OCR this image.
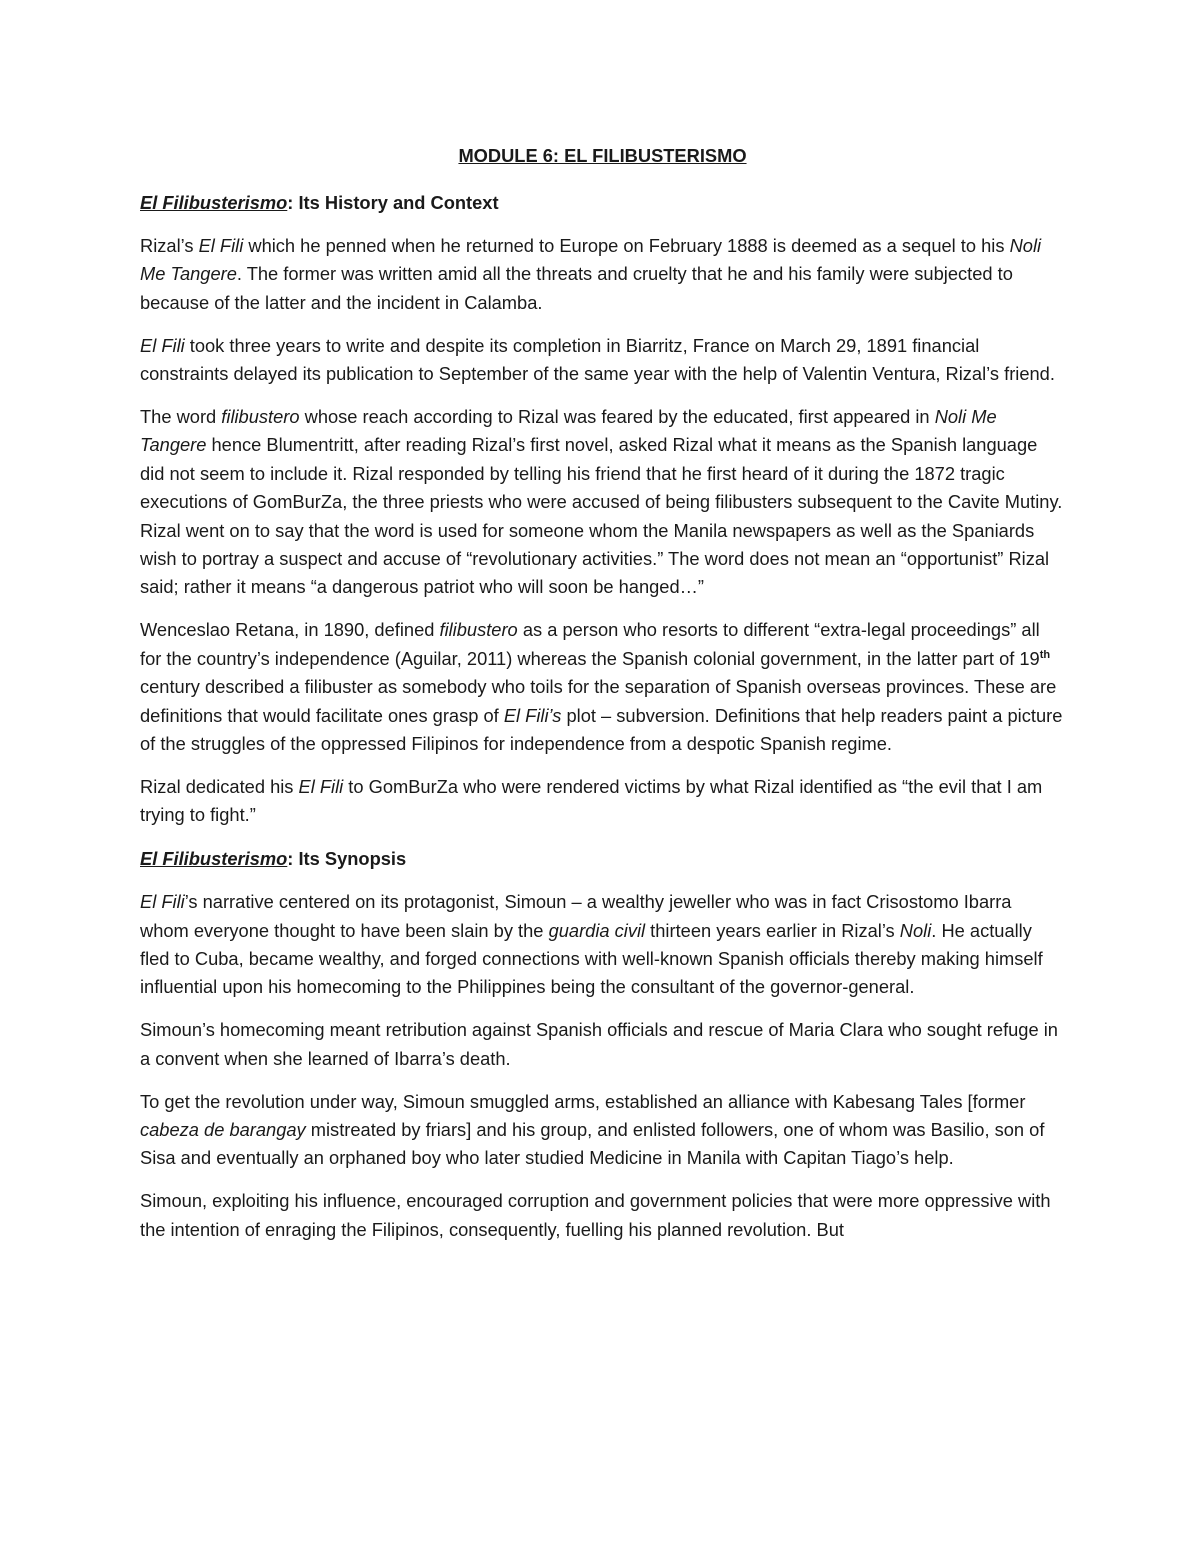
MODULE 6: EL FILIBUSTERISMO
El Filibusterismo: Its History and Context

Rizal’s El Fili which he penned when he returned to Europe on February 1888 is deemed as a sequel to his Noli Me Tangere. The former was written amid all the threats and cruelty that he and his family were subjected to because of the latter and the incident in Calamba.

El Fili took three years to write and despite its completion in Biarritz, France on March 29, 1891 financial constraints delayed its publication to September of the same year with the help of Valentin Ventura, Rizal’s friend.

The word filibustero whose reach according to Rizal was feared by the educated, first appeared in Noli Me Tangere hence Blumentritt, after reading Rizal’s first novel, asked Rizal what it means as the Spanish language did not seem to include it. Rizal responded by telling his friend that he first heard of it during the 1872 tragic executions of GomBurZa, the three priests who were accused of being filibusters subsequent to the Cavite Mutiny. Rizal went on to say that the word is used for someone whom the Manila newspapers as well as the Spaniards wish to portray a suspect and accuse of “revolutionary activities.” The word does not mean an “opportunist” Rizal said; rather it means “a dangerous patriot who will soon be hanged…”

Wenceslao Retana, in 1890, defined filibustero as a person who resorts to different “extra-legal proceedings” all for the country’s independence (Aguilar, 2011) whereas the Spanish colonial government, in the latter part of 19th century described a filibuster as somebody who toils for the separation of Spanish overseas provinces. These are definitions that would facilitate ones grasp of El Fili’s plot – subversion. Definitions that help readers paint a picture of the struggles of the oppressed Filipinos for independence from a despotic Spanish regime.

Rizal dedicated his El Fili to GomBurZa who were rendered victims by what Rizal identified as “the evil that I am trying to fight.”

El Filibusterismo: Its Synopsis

El Fili’s narrative centered on its protagonist, Simoun – a wealthy jeweller who was in fact Crisostomo Ibarra whom everyone thought to have been slain by the guardia civil thirteen years earlier in Rizal’s Noli. He actually fled to Cuba, became wealthy, and forged connections with well-known Spanish officials thereby making himself influential upon his homecoming to the Philippines being the consultant of the governor-general.

Simoun’s homecoming meant retribution against Spanish officials and rescue of Maria Clara who sought refuge in a convent when she learned of Ibarra’s death.

To get the revolution under way, Simoun smuggled arms, established an alliance with Kabesang Tales [former cabeza de barangay mistreated by friars] and his group, and enlisted followers, one of whom was Basilio, son of Sisa and eventually an orphaned boy who later studied Medicine in Manila with Capitan Tiago’s help.

Simoun, exploiting his influence, encouraged corruption and government policies that were more oppressive with the intention of enraging the Filipinos, consequently, fuelling his planned revolution. But
